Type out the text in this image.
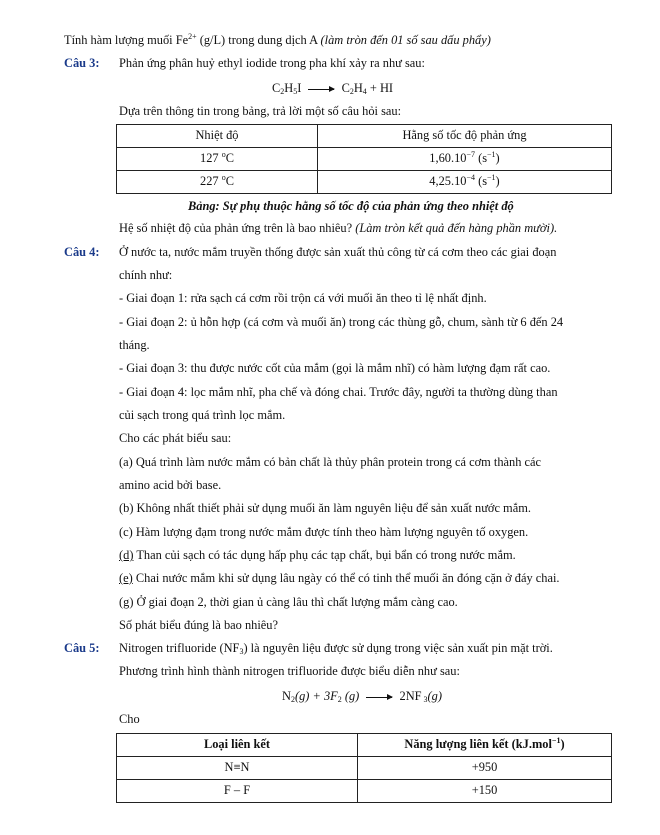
Tính hàm lượng muối $Fe^{2+}$ (g/L) trong dung dịch A (làm tròn đến 01 số sau dấu phẩy)
Câu 3: Phản ứng phân huỷ ethyl iodide trong pha khí xảy ra như sau:
$C_2H_5I \to C_2H_4$ + HI
Dựa trên thông tin trong bảng, trả lời một số câu hỏi sau:
Nhiệt độ	Hằng số tốc độ phản ứng
127 $^o$C	$1,60.10^{-7}$ $(s^{-1})$
227 $^o$C	$4,25.10^{-4}$ $(s^{-1})$
Bảng: Sự phụ thuộc hằng số tốc độ của phản ứng theo nhiệt độ
Hệ số nhiệt độ của phản ứng trên là bao nhiêu? (Làm tròn kết quả đến hàng phần mười).
Câu 4: Ở nước ta, nước mắm truyền thống được sản xuất thủ công từ cá cơm theo các giai đoạn
chính như:
- Giai đoạn 1: rửa sạch cá cơm rồi trộn cá với muối ăn theo tỉ lệ nhất định.
- Giai đoạn 2: ủ hỗn hợp (cá cơm và muối ăn) trong các thùng gỗ, chum, sành từ 6 đến 24
tháng.
- Giai đoạn 3: thu được nước cốt của mắm (gọi là mắm nhĩ) có hàm lượng đạm rất cao.
- Giai đoạn 4: lọc mắm nhĩ, pha chế và đóng chai. Trước đây, người ta thường dùng than
củi sạch trong quá trình lọc mắm.
Cho các phát biểu sau:
(a) Quá trình làm nước mắm có bản chất là thủy phân protein trong cá cơm thành các
amino acid bởi base.
(b) Không nhất thiết phải sử dụng muối ăn làm nguyên liệu để sản xuất nước mắm.
(c) Hàm lượng đạm trong nước mắm được tính theo hàm lượng nguyên tố oxygen.
(d) Than củi sạch có tác dụng hấp phụ các tạp chất, bụi bẩn có trong nước mắm.
(e) Chai nước mắm khi sử dụng lâu ngày có thể có tinh thể muối ăn đóng cặn ở đáy chai.
(g) Ở giai đoạn 2, thời gian ủ càng lâu thì chất lượng mắm càng cao.
Số phát biểu đúng là bao nhiêu?
Câu 5: Nitrogen trifluoride $(NF_3)$ là nguyên liệu được sử dụng trong việc sản xuất pin mặt trời.
Phương trình hình thành nitrogen trifluoride được biểu diễn như sau:
$N_2(g) + 3F_2$ (g) → 2NF $_3$(g)
Cho
Loại liên kết	Năng lượng liên kết (kJ.mol$^{-1}$)
N≡N	+950
F – F	+150
